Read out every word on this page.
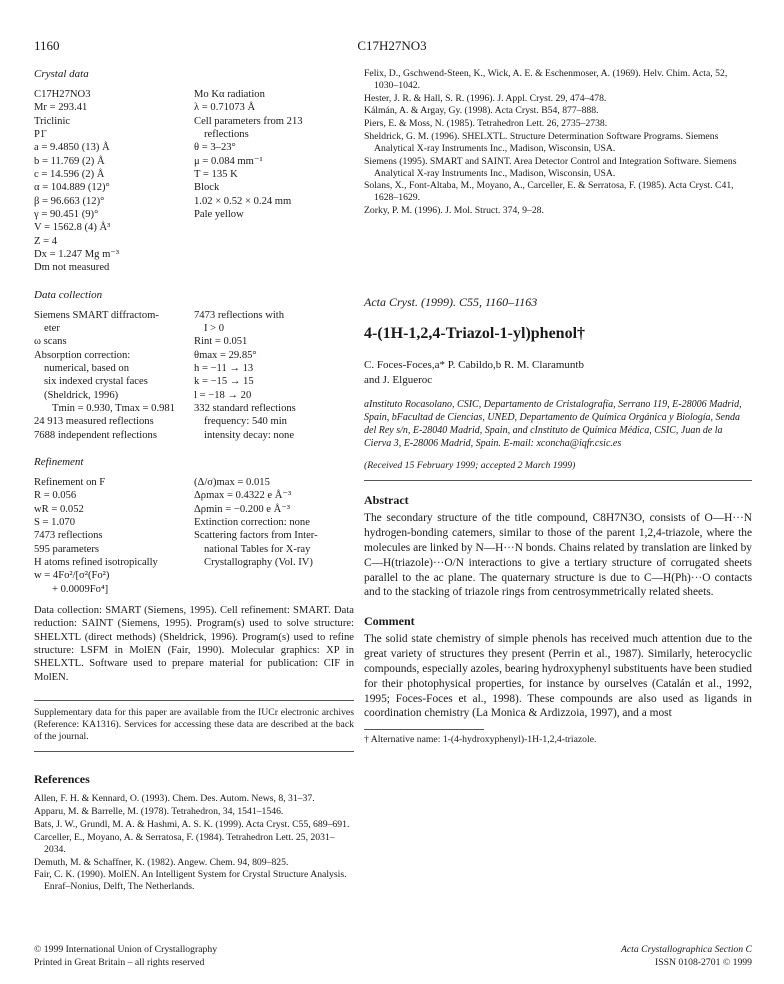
1160	C17H27NO3
Crystal data
C17H27NO3
Mr = 293.41
Triclinic
P1̄
a = 9.4850 (13) Å
b = 11.769 (2) Å
c = 14.596 (2) Å
α = 104.889 (12)°
β = 96.663 (12)°
γ = 90.451 (9)°
V = 1562.8 (4) Å³
Z = 4
Dx = 1.247 Mg m⁻³
Dm not measured
Mo Kα radiation
λ = 0.71073 Å
Cell parameters from 213
reflections
θ = 3–23°
μ = 0.084 mm⁻¹
T = 135 K
Block
1.02 × 0.52 × 0.24 mm
Pale yellow
Data collection
Siemens SMART diffractom-
eter
ω scans
Absorption correction:
numerical, based on
six indexed crystal faces
(Sheldrick, 1996)
Tmin = 0.930, Tmax = 0.981
24 913 measured reflections
7688 independent reflections
7473 reflections with
I > 0
Rint = 0.051
θmax = 29.85°
h = −11 → 13
k = −15 → 15
l = −18 → 20
332 standard reflections
frequency: 540 min
intensity decay: none
Refinement
Refinement on F
R = 0.056
wR = 0.052
S = 1.070
7473 reflections
595 parameters
H atoms refined isotropically
w = 4Fo²/[σ²(Fo²)
+ 0.0009Fo⁴]
(Δ/σ)max = 0.015
Δρmax = 0.4322 e Å⁻³
Δρmin = −0.200 e Å⁻³
Extinction correction: none
Scattering factors from Inter-
national Tables for X-ray
Crystallography (Vol. IV)

Data collection: SMART (Siemens, 1995). Cell refinement: SMART. Data reduction: SAINT (Siemens, 1995). Program(s) used to solve structure: SHELXTL (direct methods) (Sheldrick, 1996). Program(s) used to refine structure: LSFM in MolEN (Fair, 1990). Molecular graphics: XP in SHELXTL. Software used to prepare material for publication: CIF in MolEN.

Supplementary data for this paper are available from the IUCr electronic archives (Reference: KA1316). Services for accessing these data are described at the back of the journal.

References

Allen, F. H. & Kennard, O. (1993). Chem. Des. Autom. News, 8, 31–37.

Apparu, M. & Barrelle, M. (1978). Tetrahedron, 34, 1541–1546.

Bats, J. W., Grundl, M. A. & Hashmi, A. S. K. (1999). Acta Cryst. C55, 689–691.

Carceller, E., Moyano, A. & Serratosa, F. (1984). Tetrahedron Lett. 25, 2031–2034.

Demuth, M. & Schaffner, K. (1982). Angew. Chem. 94, 809–825.

Fair, C. K. (1990). MolEN. An Intelligent System for Crystal Structure Analysis. Enraf–Nonius, Delft, The Netherlands.

Felix, D., Gschwend-Steen, K., Wick, A. E. & Eschenmoser, A. (1969). Helv. Chim. Acta, 52, 1030–1042.

Hester, J. R. & Hall, S. R. (1996). J. Appl. Cryst. 29, 474–478.

Kálmán, A. & Argay, Gy. (1998). Acta Cryst. B54, 877–888.

Piers, E. & Moss, N. (1985). Tetrahedron Lett. 26, 2735–2738.

Sheldrick, G. M. (1996). SHELXTL. Structure Determination Software Programs. Siemens Analytical X-ray Instruments Inc., Madison, Wisconsin, USA.

Siemens (1995). SMART and SAINT. Area Detector Control and Integration Software. Siemens Analytical X-ray Instruments Inc., Madison, Wisconsin, USA.

Solans, X., Font-Altaba, M., Moyano, A., Carceller, E. & Serratosa, F. (1985). Acta Cryst. C41, 1628–1629.

Zorky, P. M. (1996). J. Mol. Struct. 374, 9–28.

Acta Cryst. (1999). C55, 1160–1163
4-(1H-1,2,4-Triazol-1-yl)phenol†
C. Foces-Foces,a* P. Cabildo,b R. M. Claramuntb
and J. Elgueroc

aInstituto Rocasolano, CSIC, Departamento de Cristalografía, Serrano 119, E-28006 Madrid, Spain, bFacultad de Ciencias, UNED, Departamento de Química Orgánica y Biología, Senda del Rey s/n, E-28040 Madrid, Spain, and cInstituto de Química Médica, CSIC, Juan de la Cierva 3, E-28006 Madrid, Spain. E-mail: xconcha@iqfr.csic.es

(Received 15 February 1999; accepted 2 March 1999)

Abstract

The secondary structure of the title compound, C8H7N3O, consists of O—H···N hydrogen-bonding catemers, similar to those of the parent 1,2,4-triazole, where the molecules are linked by N—H···N bonds. Chains related by translation are linked by C—H(triazole)···O/N interactions to give a tertiary structure of corrugated sheets parallel to the ac plane. The quaternary structure is due to C—H(Ph)···O contacts and to the stacking of triazole rings from centrosymmetrically related sheets.

Comment

The solid state chemistry of simple phenols has received much attention due to the great variety of structures they present (Perrin et al., 1987). Similarly, heterocyclic compounds, especially azoles, bearing hydroxyphenyl substituents have been studied for their photophysical properties, for instance by ourselves (Catalán et al., 1992, 1995; Foces-Foces et al., 1998). These compounds are also used as ligands in coordination chemistry (La Monica & Ardizzoia, 1997), and a most

† Alternative name: 1-(4-hydroxyphenyl)-1H-1,2,4-triazole.
© 1999 International Union of Crystallography
Printed in Great Britain – all rights reserved
Acta Crystallographica Section C
ISSN 0108-2701 © 1999
